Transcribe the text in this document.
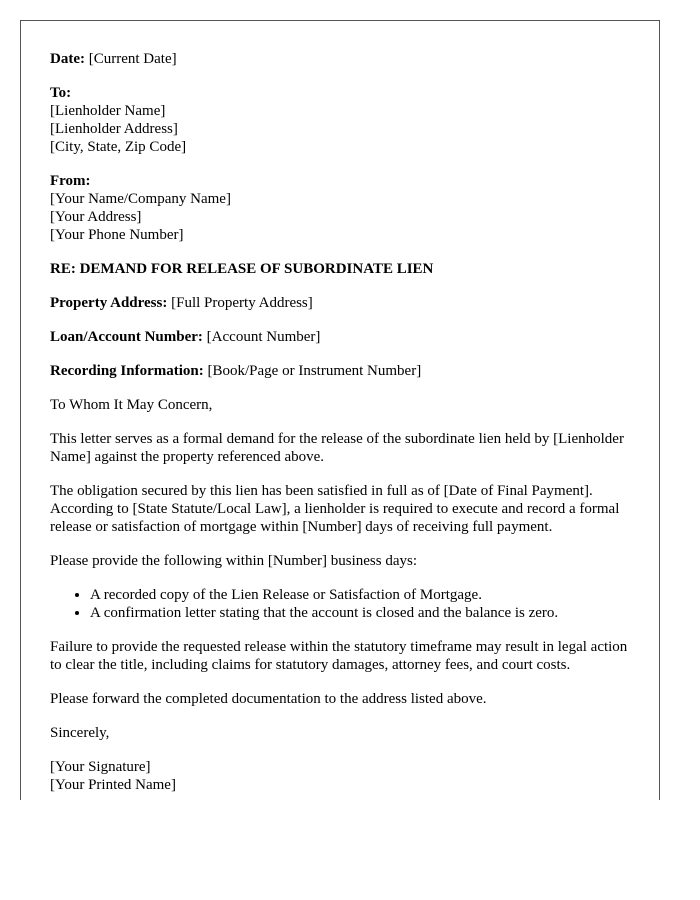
Date: [Current Date]
To:
[Lienholder Name]
[Lienholder Address]
[City, State, Zip Code]
From:
[Your Name/Company Name]
[Your Address]
[Your Phone Number]
RE: DEMAND FOR RELEASE OF SUBORDINATE LIEN
Property Address: [Full Property Address]
Loan/Account Number: [Account Number]
Recording Information: [Book/Page or Instrument Number]

To Whom It May Concern,

This letter serves as a formal demand for the release of the subordinate lien held by [Lienholder Name] against the property referenced above.

The obligation secured by this lien has been satisfied in full as of [Date of Final Payment]. According to [State Statute/Local Law], a lienholder is required to execute and record a formal release or satisfaction of mortgage within [Number] days of receiving full payment.

Please provide the following within [Number] business days:

• A recorded copy of the Lien Release or Satisfaction of Mortgage.
• A confirmation letter stating that the account is closed and the balance is zero.

Failure to provide the requested release within the statutory timeframe may result in legal action to clear the title, including claims for statutory damages, attorney fees, and court costs.

Please forward the completed documentation to the address listed above.

Sincerely,

[Your Signature]
[Your Printed Name]
